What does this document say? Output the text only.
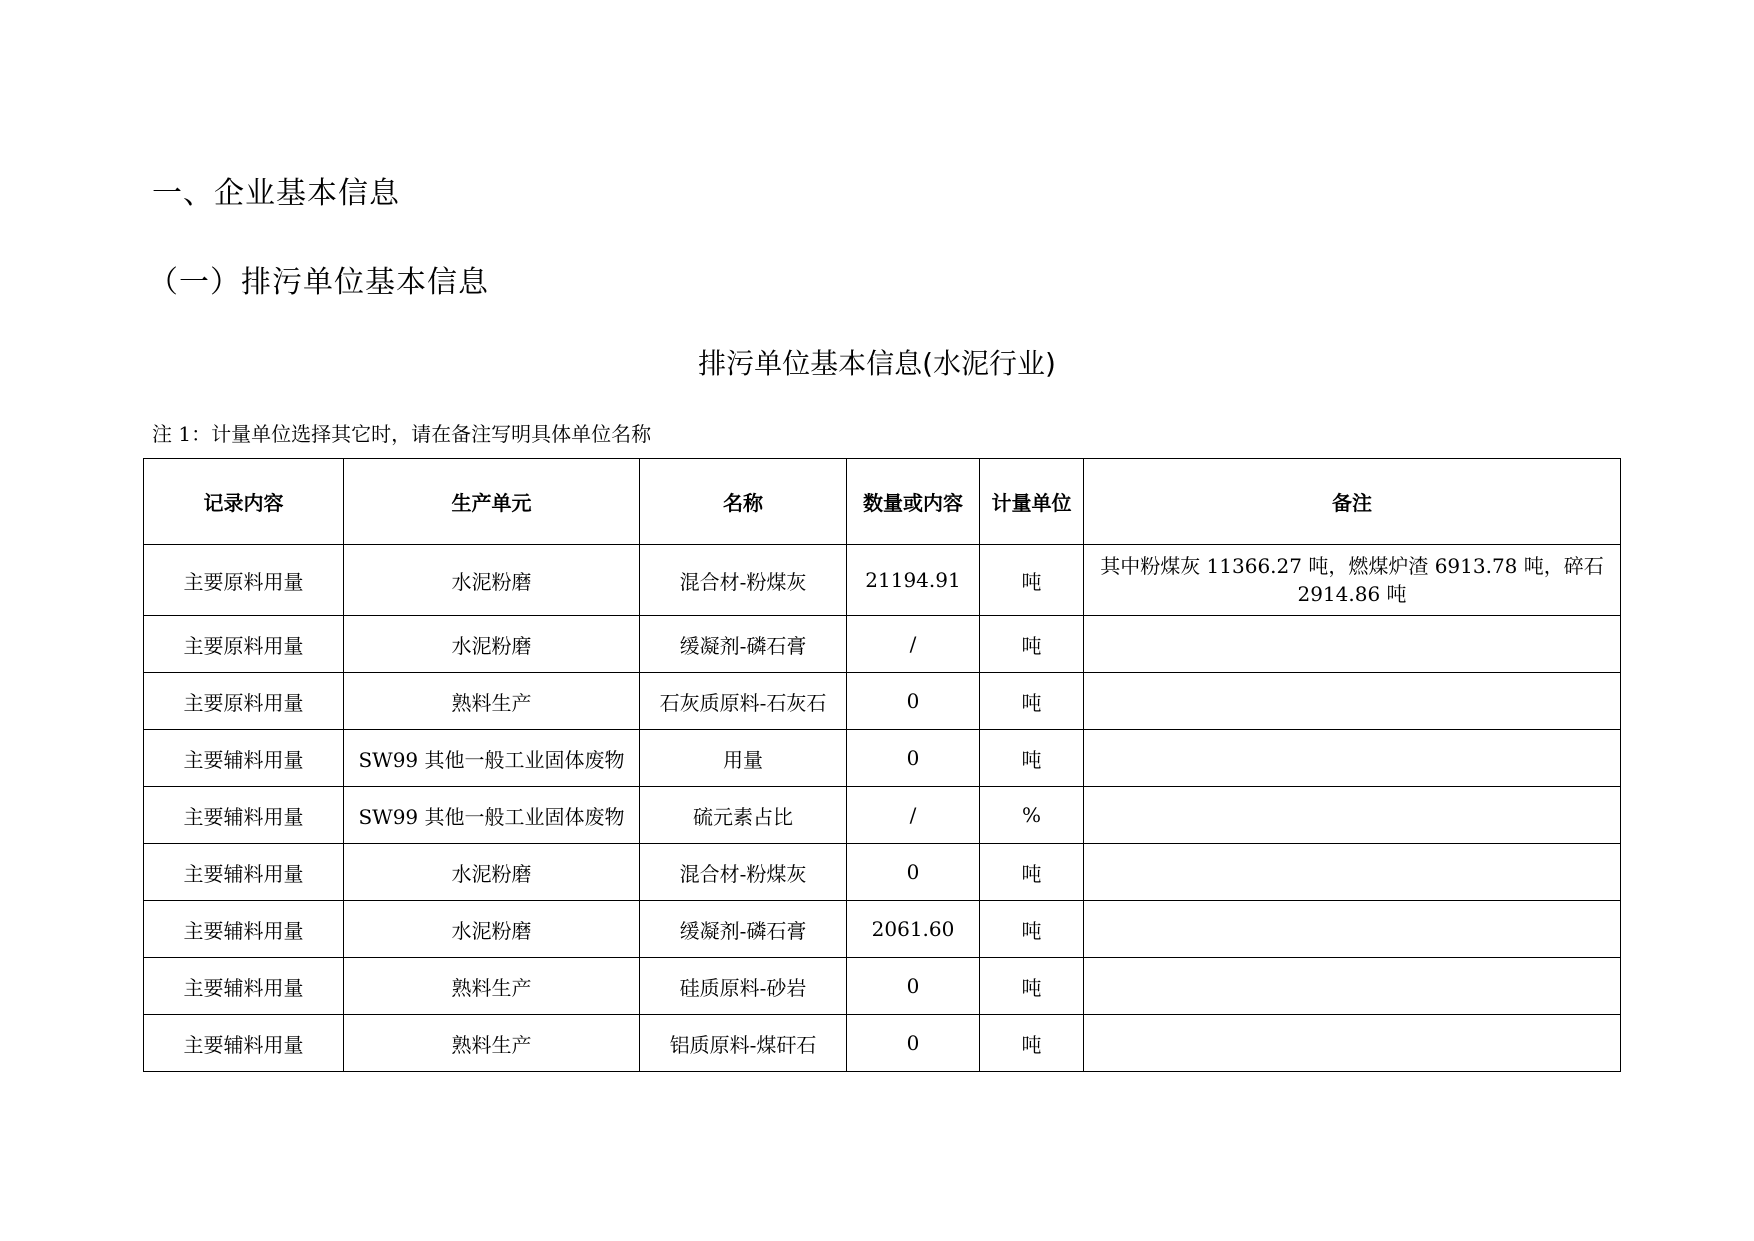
一、企业基本信息
（一）排污单位基本信息
排污单位基本信息(水泥行业)
注 1：计量单位选择其它时，请在备注写明具体单位名称
记录内容	生产单元	名称	数量或内容	计量单位	备注
主要原料用量	水泥粉磨	混合材-粉煤灰	21194.91	吨	其中粉煤灰 11366.27 吨，燃煤炉渣 6913.78 吨，碎石 2914.86 吨
主要原料用量	水泥粉磨	缓凝剂-磷石膏	/	吨	
主要原料用量	熟料生产	石灰质原料-石灰石	0	吨	
主要辅料用量	SW99 其他一般工业固体废物	用量	0	吨	
主要辅料用量	SW99 其他一般工业固体废物	硫元素占比	/	%	
主要辅料用量	水泥粉磨	混合材-粉煤灰	0	吨	
主要辅料用量	水泥粉磨	缓凝剂-磷石膏	2061.60	吨	
主要辅料用量	熟料生产	硅质原料-砂岩	0	吨	
主要辅料用量	熟料生产	铝质原料-煤矸石	0	吨	
